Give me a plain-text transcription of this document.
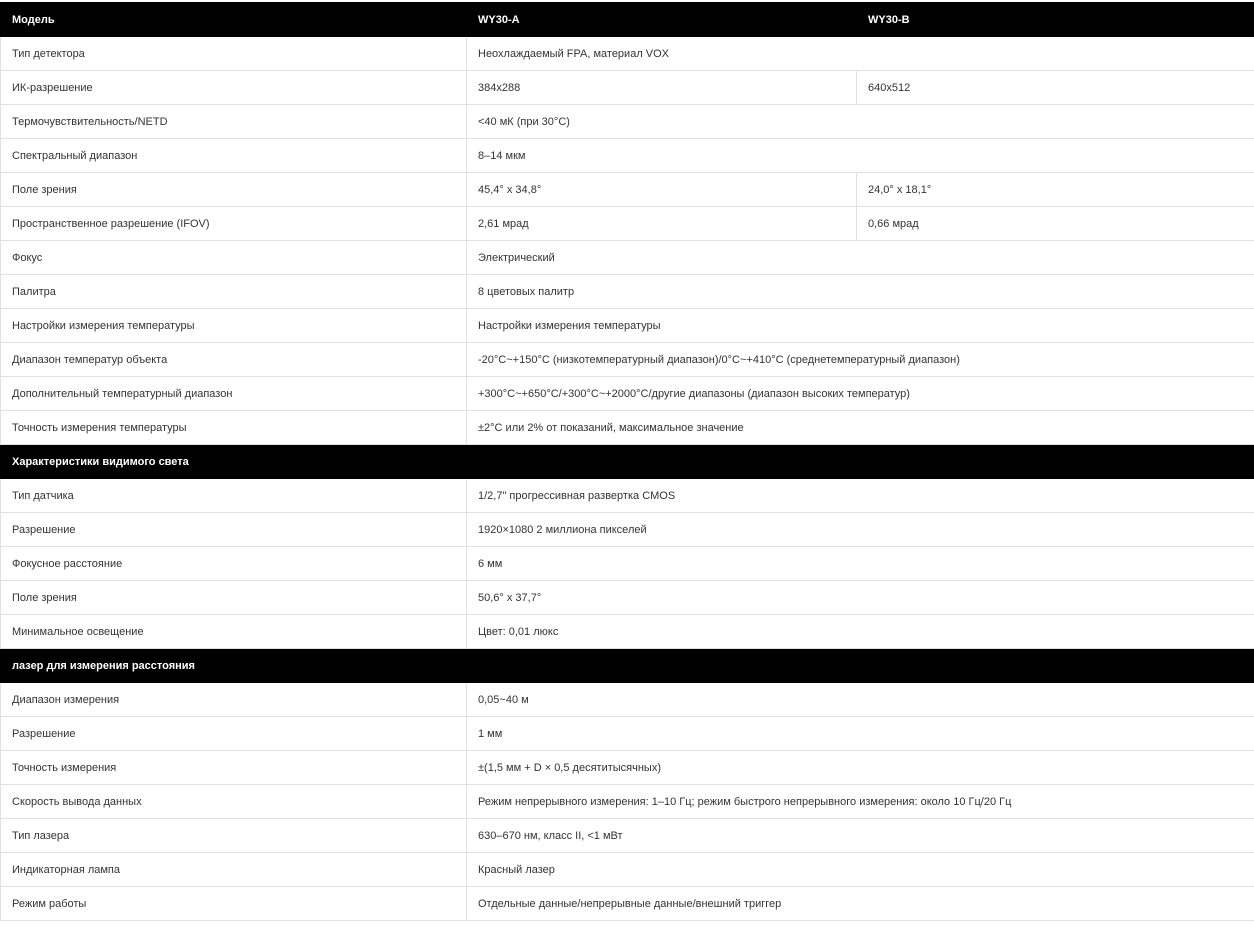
Модель	WY30-A	WY30-B
Тип детектора	Неохлаждаемый FPA, материал VOX	
ИК-разрешение	384x288	640x512
Термочувствительность/NETD	<40 мК (при 30°C)	
Спектральный диапазон	8–14 мкм	
Поле зрения	45,4° x 34,8°	24,0° x 18,1°
Пространственное разрешение (IFOV)	2,61 мрад	0,66 мрад
Фокус	Электрический	
Палитра	8 цветовых палитр	
Настройки измерения температуры	Настройки измерения температуры	
Диапазон температур объекта	-20°C~+150°C (низкотемпературный диапазон)/0°C~+410°C (среднетемпературный диапазон)	
Дополнительный температурный диапазон	+300°C~+650°C/+300°C~+2000°C/другие диапазоны (диапазон высоких температур)	
Точность измерения температуры	±2°C или 2% от показаний, максимальное значение	
Характеристики видимого света		
Тип датчика	1/2,7" прогрессивная развертка CMOS	
Разрешение	1920×1080 2 миллиона пикселей	
Фокусное расстояние	6 мм	
Поле зрения	50,6° x 37,7°	
Минимальное освещение	Цвет: 0,01 люкс	
лазер для измерения расстояния		
Диапазон измерения	0,05~40 м	
Разрешение	1 мм	
Точность измерения	±(1,5 мм + D × 0,5 десятитысячных)	
Скорость вывода данных	Режим непрерывного измерения: 1–10 Гц; режим быстрого непрерывного измерения: около 10 Гц/20 Гц	
Тип лазера	630–670 нм, класс II, <1 мВт	
Индикаторная лампа	Красный лазер	
Режим работы	Отдельные данные/непрерывные данные/внешний триггер	
